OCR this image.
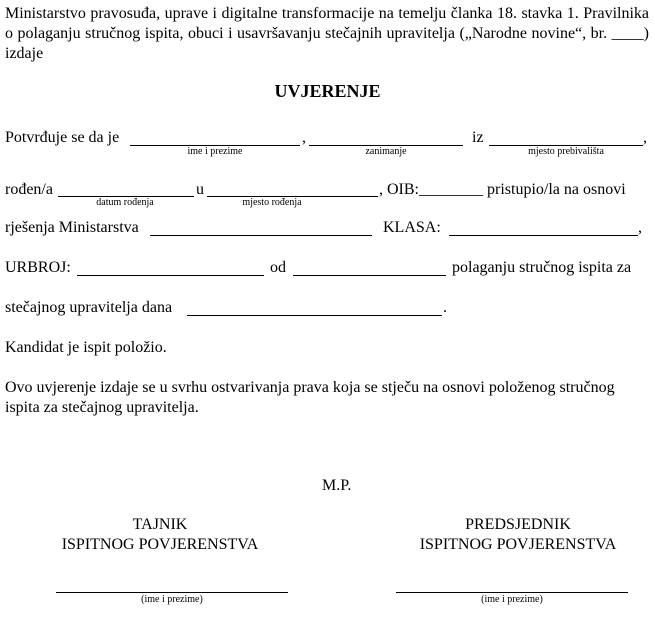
Ministarstvo pravosuđa, uprave i digitalne transformacije na temelju članka 18. stavka 1. Pravilnika o polaganju stručnog ispita, obuci i usavršavanju stečajnih upravitelja („Narodne novine“, br. ____) izdaje
UVJERENJE
Potvrđuje se da je	,	iz	,
ime i prezime	zanimanje	mjesto prebivališta
rođen/a	u	, OIB:________ pristupio/la na osnovi
datum rođenja	mjesto rođenja
rješenja Ministarstva	KLASA:	,
URBROJ:	od	polaganju stručnog ispita za
stečajnog upravitelja dana	.
Kandidat je ispit položio.
Ovo uvjerenje izdaje se u svrhu ostvarivanja prava koja se stječu na osnovi položenog stručnog
ispita za stečajnog upravitelja.
M.P.
TAJNIK
ISPITNOG POVJERENSTVA
(ime i prezime)
PREDSJEDNIK
ISPITNOG POVJERENSTVA
(ime i prezime)
